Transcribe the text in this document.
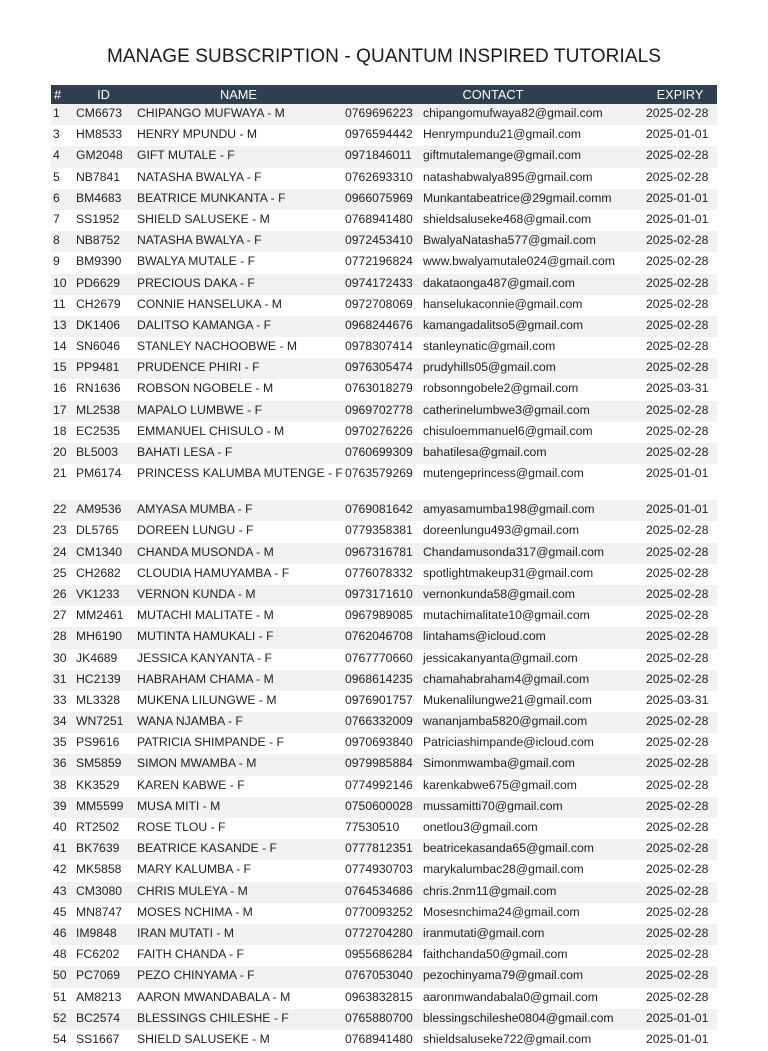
MANAGE SUBSCRIPTION - QUANTUM INSPIRED TUTORIALS
#	ID	NAME	CONTACT		EXPIRY
1	CM6673	CHIPANGO MUFWAYA - M	0769696223	chipangomufwaya82@gmail.com	2025-02-28
3	HM8533	HENRY MPUNDU - M	0976594442	Henrympundu21@gmail.com	2025-01-01
4	GM2048	GIFT MUTALE - F	0971846011	giftmutalemange@gmail.com	2025-02-28
5	NB7841	NATASHA BWALYA - F	0762693310	natashabwalya895@gmail.com	2025-02-28
6	BM4683	BEATRICE MUNKANTA - F	0966075969	Munkantabeatrice@29gmail.comm	2025-01-01
7	SS1952	SHIELD SALUSEKE - M	0768941480	shieldsaluseke468@gmail.com	2025-01-01
8	NB8752	NATASHA BWALYA - F	0972453410	BwalyaNatasha577@gmail.com	2025-02-28
9	BM9390	BWALYA MUTALE - F	0772196824	www.bwalyamutale024@gmail.com	2025-02-28
10	PD6629	PRECIOUS DAKA - F	0974172433	dakataonga487@gmail.com	2025-02-28
11	CH2679	CONNIE HANSELUKA - M	0972708069	hanselukaconnie@gmail.com	2025-02-28
13	DK1406	DALITSO KAMANGA - F	0968244676	kamangadalitso5@gmail.com	2025-02-28
14	SN6046	STANLEY NACHOOBWE - M	0978307414	stanleynatic@gmail.com	2025-02-28
15	PP9481	PRUDENCE PHIRI - F	0976305474	prudyhills05@gmail.com	2025-02-28
16	RN1636	ROBSON NGOBELE - M	0763018279	robsonngobele2@gmail.com	2025-03-31
17	ML2538	MAPALO LUMBWE - F	0969702778	catherinelumbwe3@gmail.com	2025-02-28
18	EC2535	EMMANUEL CHISULO - M	0970276226	chisuloemmanuel6@gmail.com	2025-02-28
20	BL5003	BAHATI LESA - F	0760699309	bahatilesa@gmail.com	2025-02-28
21	PM6174	PRINCESS KALUMBA MUTENGE - F	0763579269	mutengeprincess@gmail.com	2025-01-01
22	AM9536	AMYASA MUMBA - F	0769081642	amyasamumba198@gmail.com	2025-01-01
23	DL5765	DOREEN LUNGU - F	0779358381	doreenlungu493@gmail.com	2025-02-28
24	CM1340	CHANDA MUSONDA - M	0967316781	Chandamusonda317@gmail.com	2025-02-28
25	CH2682	CLOUDIA HAMUYAMBA - F	0776078332	spotlightmakeup31@gmail.com	2025-02-28
26	VK1233	VERNON KUNDA - M	0973171610	vernonkunda58@gmail.com	2025-02-28
27	MM2461	MUTACHI MALITATE - M	0967989085	mutachimalitate10@gmail.com	2025-02-28
28	MH6190	MUTINTA HAMUKALI - F	0762046708	lintahams@icloud.com	2025-02-28
30	JK4689	JESSICA KANYANTA - F	0767770660	jessicakanyanta@gmail.com	2025-02-28
31	HC2139	HABRAHAM CHAMA - M	0968614235	chamahabraham4@gmail.com	2025-02-28
33	ML3328	MUKENA LILUNGWE - M	0976901757	Mukenalilungwe21@gmail.com	2025-03-31
34	WN7251	WANA NJAMBA - F	0766332009	wananjamba5820@gmail.com	2025-02-28
35	PS9616	PATRICIA SHIMPANDE - F	0970693840	Patriciashimpande@icloud.com	2025-02-28
36	SM5859	SIMON MWAMBA - M	0979985884	Simonmwamba@gmail.com	2025-02-28
38	KK3529	KAREN KABWE - F	0774992146	karenkabwe675@gmail.com	2025-02-28
39	MM5599	MUSA MITI - M	0750600028	mussamitti70@gmail.com	2025-02-28
40	RT2502	ROSE TLOU - F	77530510	onetlou3@gmail.com	2025-02-28
41	BK7639	BEATRICE KASANDE - F	0777812351	beatricekasanda65@gmail.com	2025-02-28
42	MK5858	MARY KALUMBA - F	0774930703	marykalumbac28@gmail.com	2025-02-28
43	CM3080	CHRIS MULEYA - M	0764534686	chris.2nm11@gmail.com	2025-02-28
45	MN8747	MOSES NCHIMA - M	0770093252	Mosesnchima24@gmail.com	2025-02-28
46	IM9848	IRAN MUTATI - M	0772704280	iranmutati@gmail.com	2025-02-28
48	FC6202	FAITH CHANDA - F	0955686284	faithchanda50@gmail.com	2025-02-28
50	PC7069	PEZO CHINYAMA - F	0767053040	pezochinyama79@gmail.com	2025-02-28
51	AM8213	AARON MWANDABALA - M	0963832815	aaronmwandabala0@gmail.com	2025-02-28
52	BC2574	BLESSINGS CHILESHE - F	0765880700	blessingschileshe0804@gmail.com	2025-01-01
54	SS1667	SHIELD SALUSEKE - M	0768941480	shieldsaluseke722@gmail.com	2025-01-01
